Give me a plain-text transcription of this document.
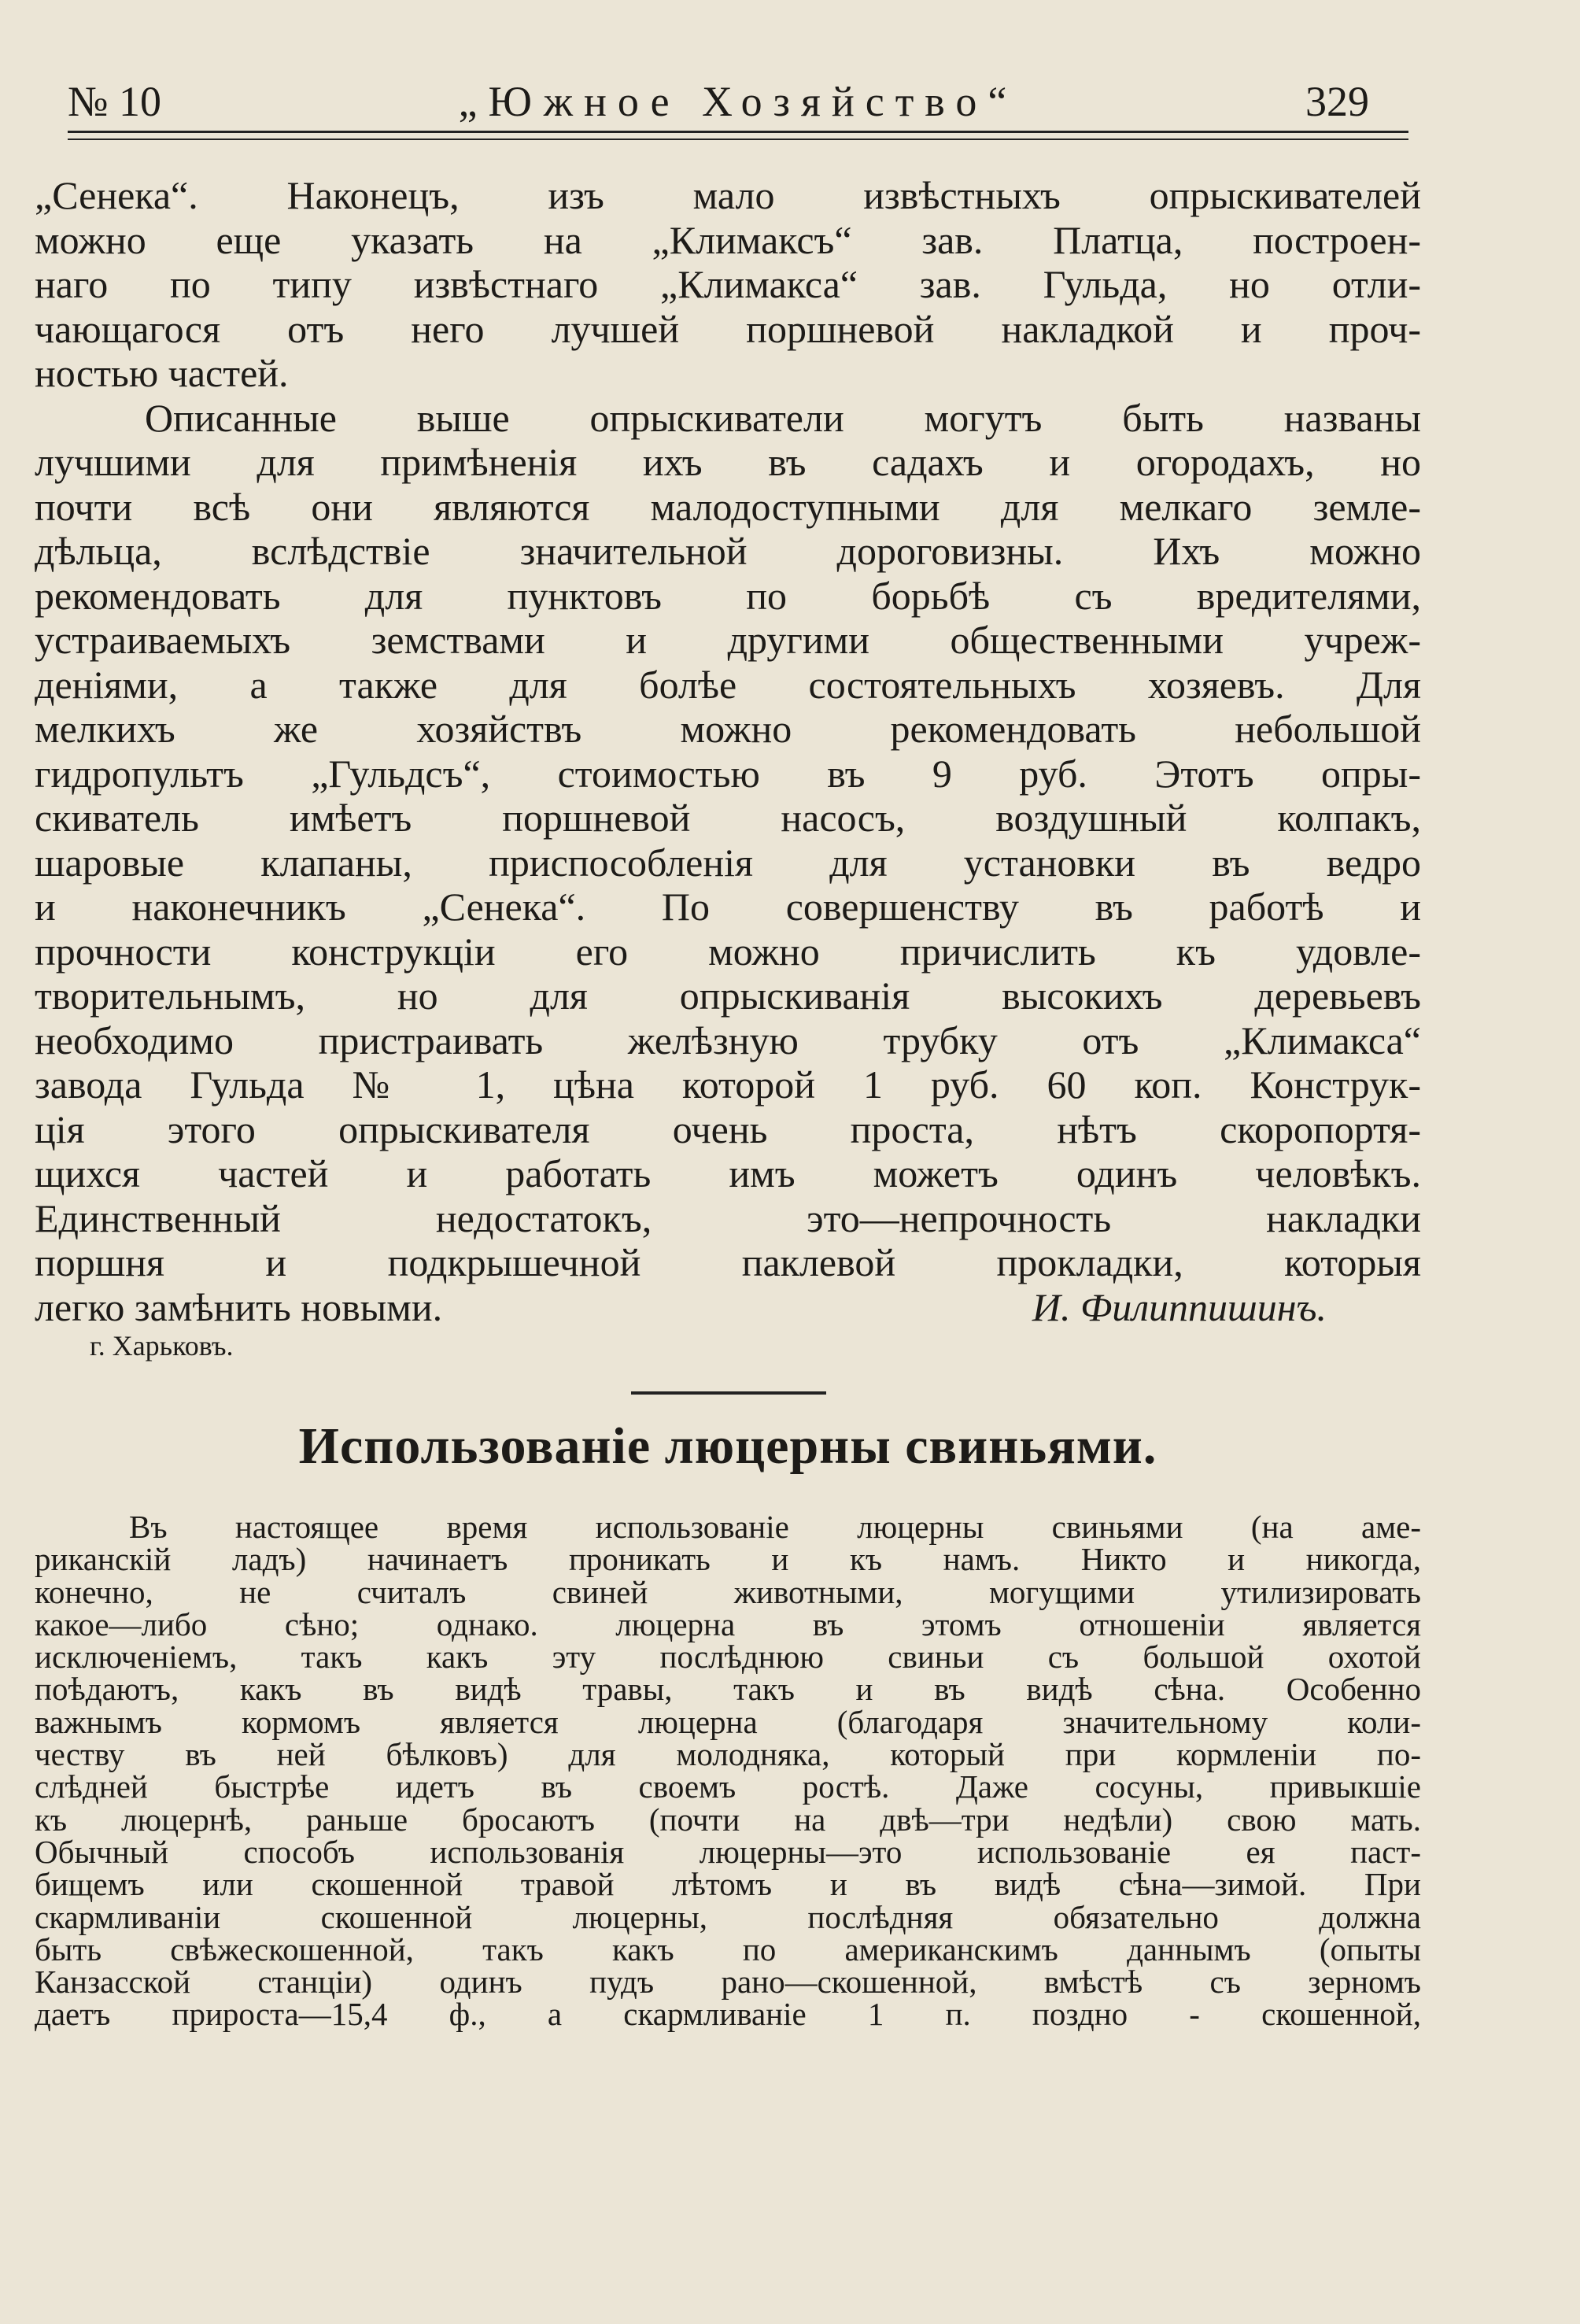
№ 10	„Южное Хозяйство“	329
„Сенека“. Наконецъ, изъ мало извѣстныхъ опрыскивателей
можно еще указать на „Климаксъ“ зав. Платца, построен-
наго по типу извѣстнаго „Климакса“ зав. Гульда, но отли-
чающагося отъ него лучшей поршневой накладкой и проч-
ностью частей.
Описанные выше опрыскиватели могутъ быть названы
лучшими для примѣненія ихъ въ садахъ и огородахъ, но
почти всѣ они являются малодоступными для мелкаго земле-
дѣльца, вслѣдствіе значительной дороговизны. Ихъ можно
рекомендовать для пунктовъ по борьбѣ съ вредителями,
устраиваемыхъ земствами и другими общественными учреж-
деніями, а также для болѣе состоятельныхъ хозяевъ. Для
мелкихъ же хозяйствъ можно рекомендовать небольшой
гидропультъ „Гульдсъ“, стоимостью въ 9 руб. Этотъ опры-
скиватель имѣетъ поршневой насосъ, воздушный колпакъ,
шаровые клапаны, приспособленія для установки въ ведро
и наконечникъ „Сенека“. По совершенству въ работѣ и
прочности конструкціи его можно причислить къ удовле-
творительнымъ, но для опрыскиванія высокихъ деревьевъ
необходимо пристраивать желѣзную трубку отъ „Климакса“
завода Гульда № 1, цѣна которой 1 руб. 60 коп. Конструк-
ція этого опрыскивателя очень проста, нѣтъ скоропортя-
щихся частей и работать имъ можетъ одинъ человѣкъ.
Единственный недостатокъ, это—непрочность накладки
поршня и подкрышечной паклевой прокладки, которыя
легко замѣнить новыми.	И. Филиппишинъ.
г. Харьковъ.
Использованіе люцерны свиньями.
Въ настоящее время использованіе люцерны свиньями (на аме-
риканскій ладъ) начинаетъ проникать и къ намъ. Никто и никогда,
конечно, не считалъ свиней животными, могущими утилизировать
какое—либо сѣно; однако. люцерна въ этомъ отношеніи является
исключеніемъ, такъ какъ эту послѣднюю свиньи съ большой охотой
поѣдаютъ, какъ въ видѣ травы, такъ и въ видѣ сѣна. Особенно
важнымъ кормомъ является люцерна (благодаря значительному коли-
честву въ ней бѣлковъ) для молодняка, который при кормленіи по-
слѣдней быстрѣе идетъ въ своемъ ростѣ. Даже сосуны, привыкшіе
къ люцернѣ, раньше бросаютъ (почти на двѣ—три недѣли) свою мать.
Обычный способъ использованія люцерны—это использованіе ея паст-
бищемъ или скошенной травой лѣтомъ и въ видѣ сѣна—зимой. При
скармливаніи скошенной люцерны, послѣдняя обязательно должна
быть свѣжескошенной, такъ какъ по американскимъ даннымъ (опыты
Канзасской станціи) одинъ пудъ рано—скошенной, вмѣстѣ съ зерномъ
даетъ прироста—15,4 ф., а скармливаніе 1 п. поздно - скошенной,
